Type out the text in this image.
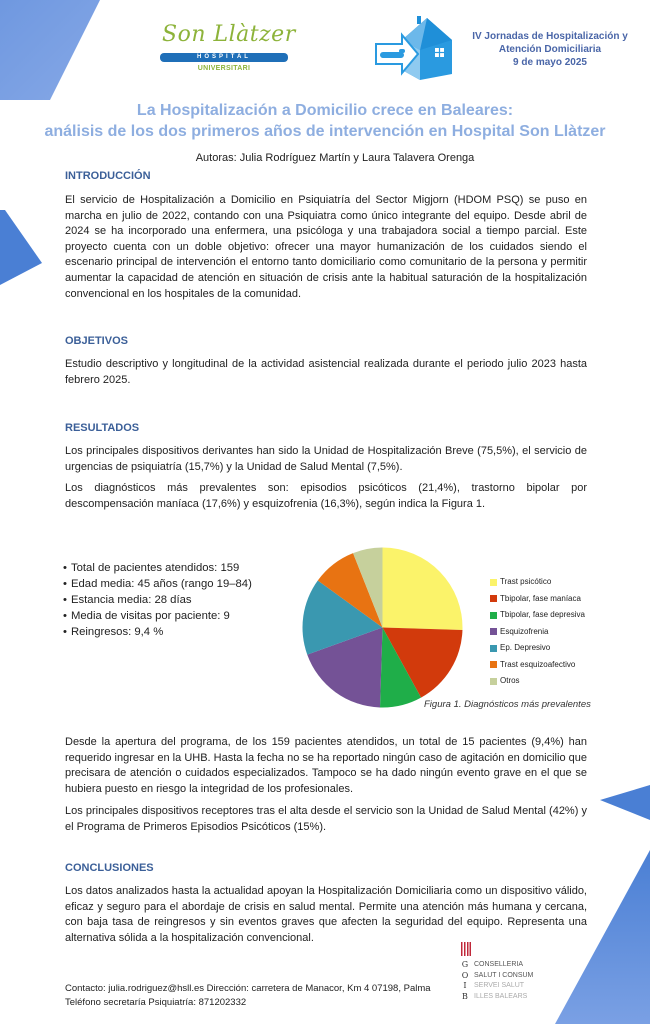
Son Llàtzer
HOSPITAL
UNIVERSITARI
IV Jornadas de Hospitalización y
Atención Domiciliaria
9 de mayo 2025
La Hospitalización a Domicilio crece en Baleares:
análisis de los dos primeros años de intervención en Hospital Son Llàtzer
Autoras: Julia Rodríguez Martín y Laura Talavera Orenga
INTRODUCCIÓN

El servicio de Hospitalización a Domicilio en Psiquiatría del Sector Migjorn (HDOM PSQ) se puso en marcha en julio de 2022, contando con una Psiquiatra como único integrante del equipo. Desde abril de 2024 se ha incorporado una enfermera, una psicóloga y una trabajadora social a tiempo parcial. Este proyecto cuenta con un doble objetivo: ofrecer una mayor humanización de los cuidados siendo el escenario principal de intervención el entorno tanto domiciliario como comunitario de la persona y permitir aumentar la capacidad de atención en situación de crisis ante la habitual saturación de la hospitalización convencional en los hospitales de la comunidad.

OBJETIVOS

Estudio descriptivo y longitudinal de la actividad asistencial realizada durante el periodo julio 2023 hasta febrero 2025.

RESULTADOS

Los principales dispositivos derivantes han sido la Unidad de Hospitalización Breve (75,5%), el servicio de urgencias de psiquiatría (15,7%) y la Unidad de Salud Mental (7,5%).

Los diagnósticos más prevalentes son: episodios psicóticos (21,4%), trastorno bipolar por descompensación maníaca (17,6%) y esquizofrenia (16,3%), según indica la Figura 1.

• Total de pacientes atendidos: 159
• Edad media: 45 años (rango 19–84)
• Estancia media: 28 días
• Media de visitas por paciente: 9
• Reingresos: 9,4 %
Trast psicótico
Tbipolar, fase maníaca
Tbipolar, fase depresiva
Esquizofrenia
Ep. Depresivo
Trast esquizoafectivo
Otros
Figura 1. Diagnósticos más prevalentes

Desde la apertura del programa, de los 159 pacientes atendidos, un total de 15 pacientes (9,4%) han requerido ingresar en la UHB. Hasta la fecha no se ha reportado ningún caso de agitación en domicilio que precisara de atención o cuidados especializados. Tampoco se ha dado ningún evento grave en el que se hubiera puesto en riesgo la integridad de los profesionales.

Los principales dispositivos receptores tras el alta desde el servicio son la Unidad de Salud Mental (42%) y el Programa de Primeros Episodios Psicóticos (15%).

CONCLUSIONES

Los datos analizados hasta la actualidad apoyan la Hospitalización Domiciliaria como un dispositivo válido, eficaz y seguro para el abordaje de crisis en salud mental. Permite una atención más humana y cercana, con baja tasa de reingresos y sin eventos graves que afecten la seguridad del equipo. Representa una alternativa sólida a la hospitalización convencional.

Contacto: julia.rodriguez@hsll.es Dirección: carretera de Manacor, Km 4 07198, Palma
Teléfono secretaría Psiquiatría: 871202332
G
O
I
B
CONSELLERIA
SALUT I CONSUM
SERVEI SALUT
ILLES BALEARS
